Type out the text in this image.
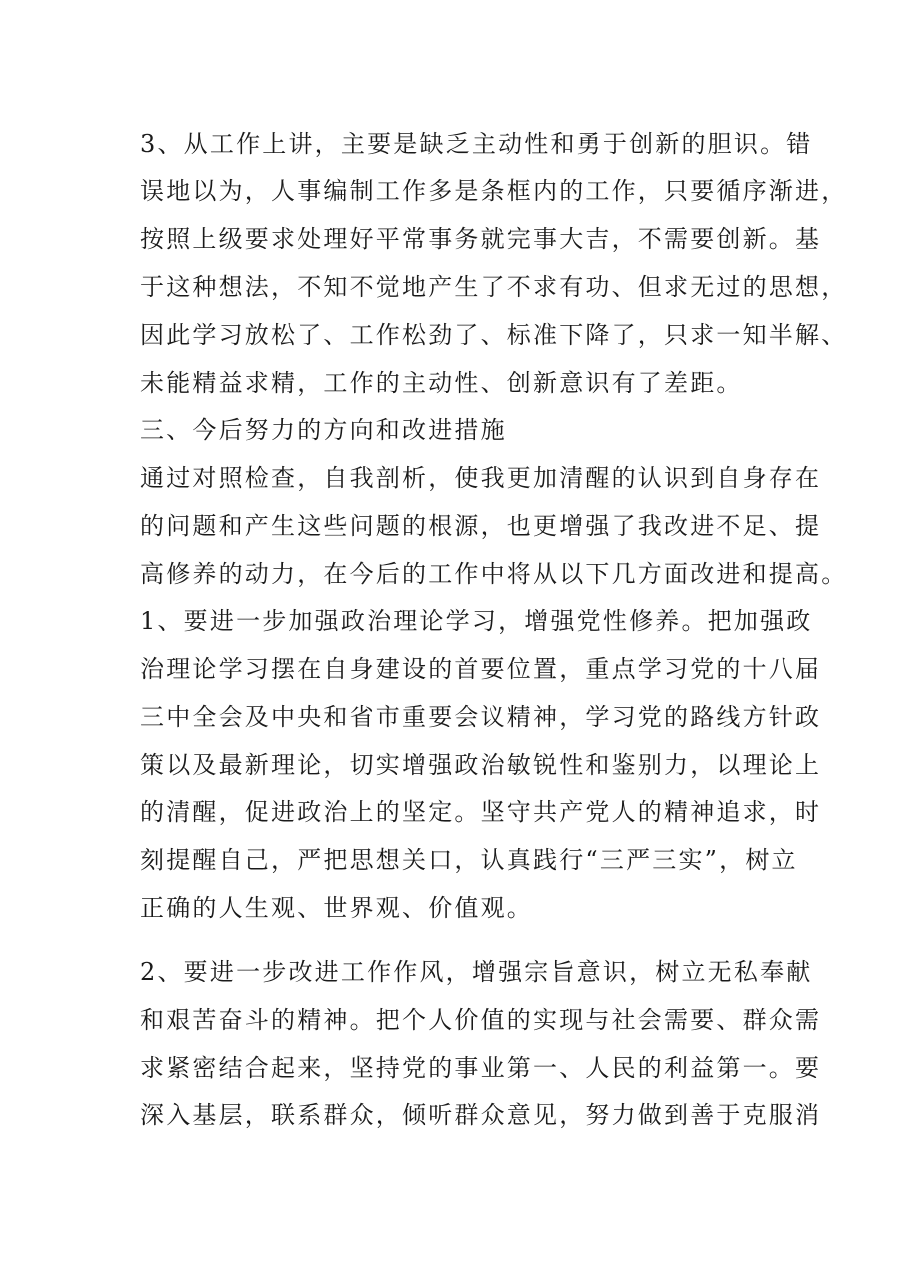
3、从工作上讲，主要是缺乏主动性和勇于创新的胆识。错

误地以为，人事编制工作多是条框内的工作，只要循序渐进，

按照上级要求处理好平常事务就完事大吉，不需要创新。基

于这种想法，不知不觉地产生了不求有功、但求无过的思想，

因此学习放松了、工作松劲了、标准下降了，只求一知半解、

未能精益求精，工作的主动性、创新意识有了差距。

三、今后努力的方向和改进措施

通过对照检查，自我剖析，使我更加清醒的认识到自身存在

的问题和产生这些问题的根源，也更增强了我改进不足、提

高修养的动力，在今后的工作中将从以下几方面改进和提高。

1、要进一步加强政治理论学习，增强党性修养。把加强政

治理论学习摆在自身建设的首要位置，重点学习党的十八届

三中全会及中央和省市重要会议精神，学习党的路线方针政

策以及最新理论，切实增强政治敏锐性和鉴别力，以理论上

的清醒，促进政治上的坚定。坚守共产党人的精神追求，时

刻提醒自己，严把思想关口，认真践行“三严三实”，树立

正确的人生观、世界观、价值观。

2、要进一步改进工作作风，增强宗旨意识，树立无私奉献

和艰苦奋斗的精神。把个人价值的实现与社会需要、群众需

求紧密结合起来，坚持党的事业第一、人民的利益第一。要

深入基层，联系群众，倾听群众意见，努力做到善于克服消
